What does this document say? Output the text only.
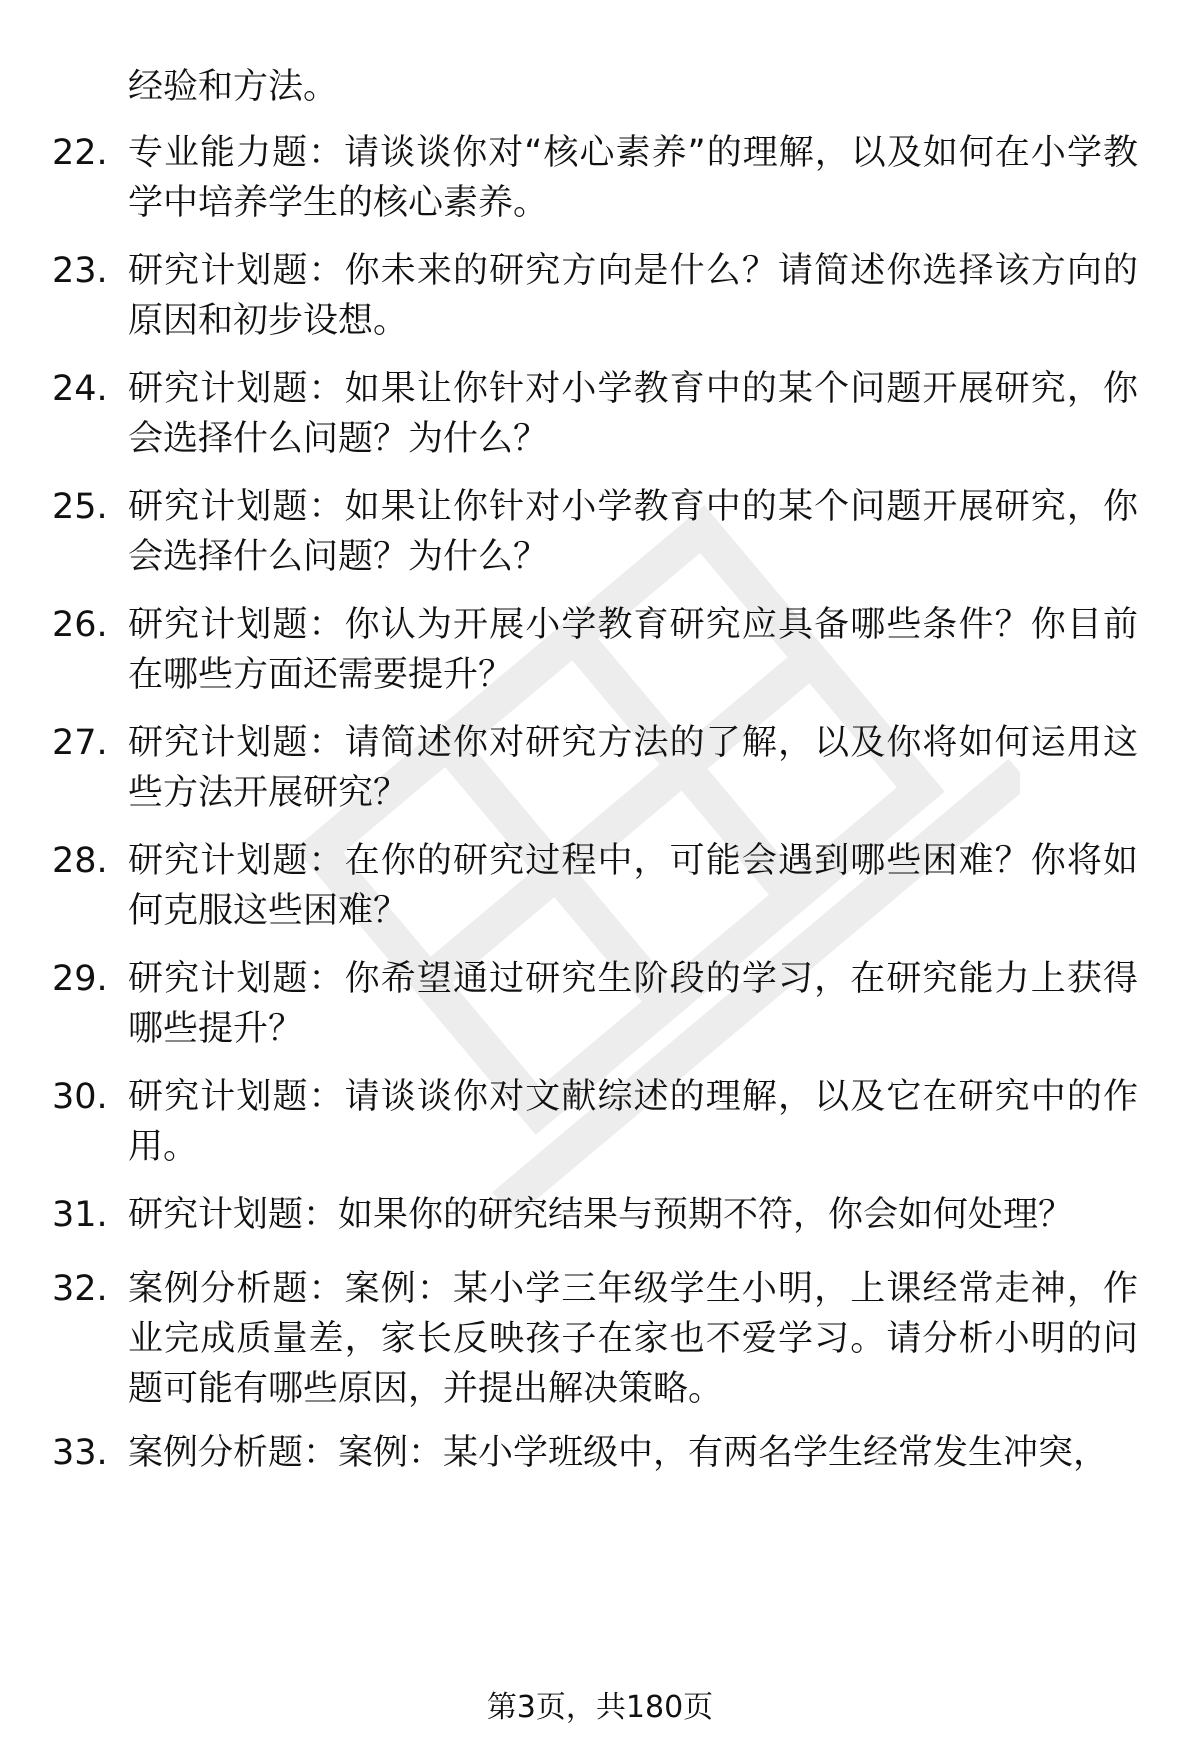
经验和方法。
22. 专业能力题：请谈谈你对“核心素养”的理解，以及如何在小学教学中培养学生的核心素养。

23. 研究计划题：你未来的研究方向是什么？请简述你选择该方向的原因和初步设想。

24. 研究计划题：如果让你针对小学教育中的某个问题开展研究，你会选择什么问题？为什么？

25. 研究计划题：如果让你针对小学教育中的某个问题开展研究，你会选择什么问题？为什么？

26. 研究计划题：你认为开展小学教育研究应具备哪些条件？你目前在哪些方面还需要提升？

27. 研究计划题：请简述你对研究方法的了解，以及你将如何运用这些方法开展研究？

28. 研究计划题：在你的研究过程中，可能会遇到哪些困难？你将如何克服这些困难？

29. 研究计划题：你希望通过研究生阶段的学习，在研究能力上获得哪些提升？

30. 研究计划题：请谈谈你对文献综述的理解，以及它在研究中的作用。

31. 研究计划题：如果你的研究结果与预期不符，你会如何处理？

32. 案例分析题：案例：某小学三年级学生小明，上课经常走神，作业完成质量差，家长反映孩子在家也不爱学习。请分析小明的问题可能有哪些原因，并提出解决策略。

33. 案例分析题：案例：某小学班级中，有两名学生经常发生冲突，

第3页，共180页
